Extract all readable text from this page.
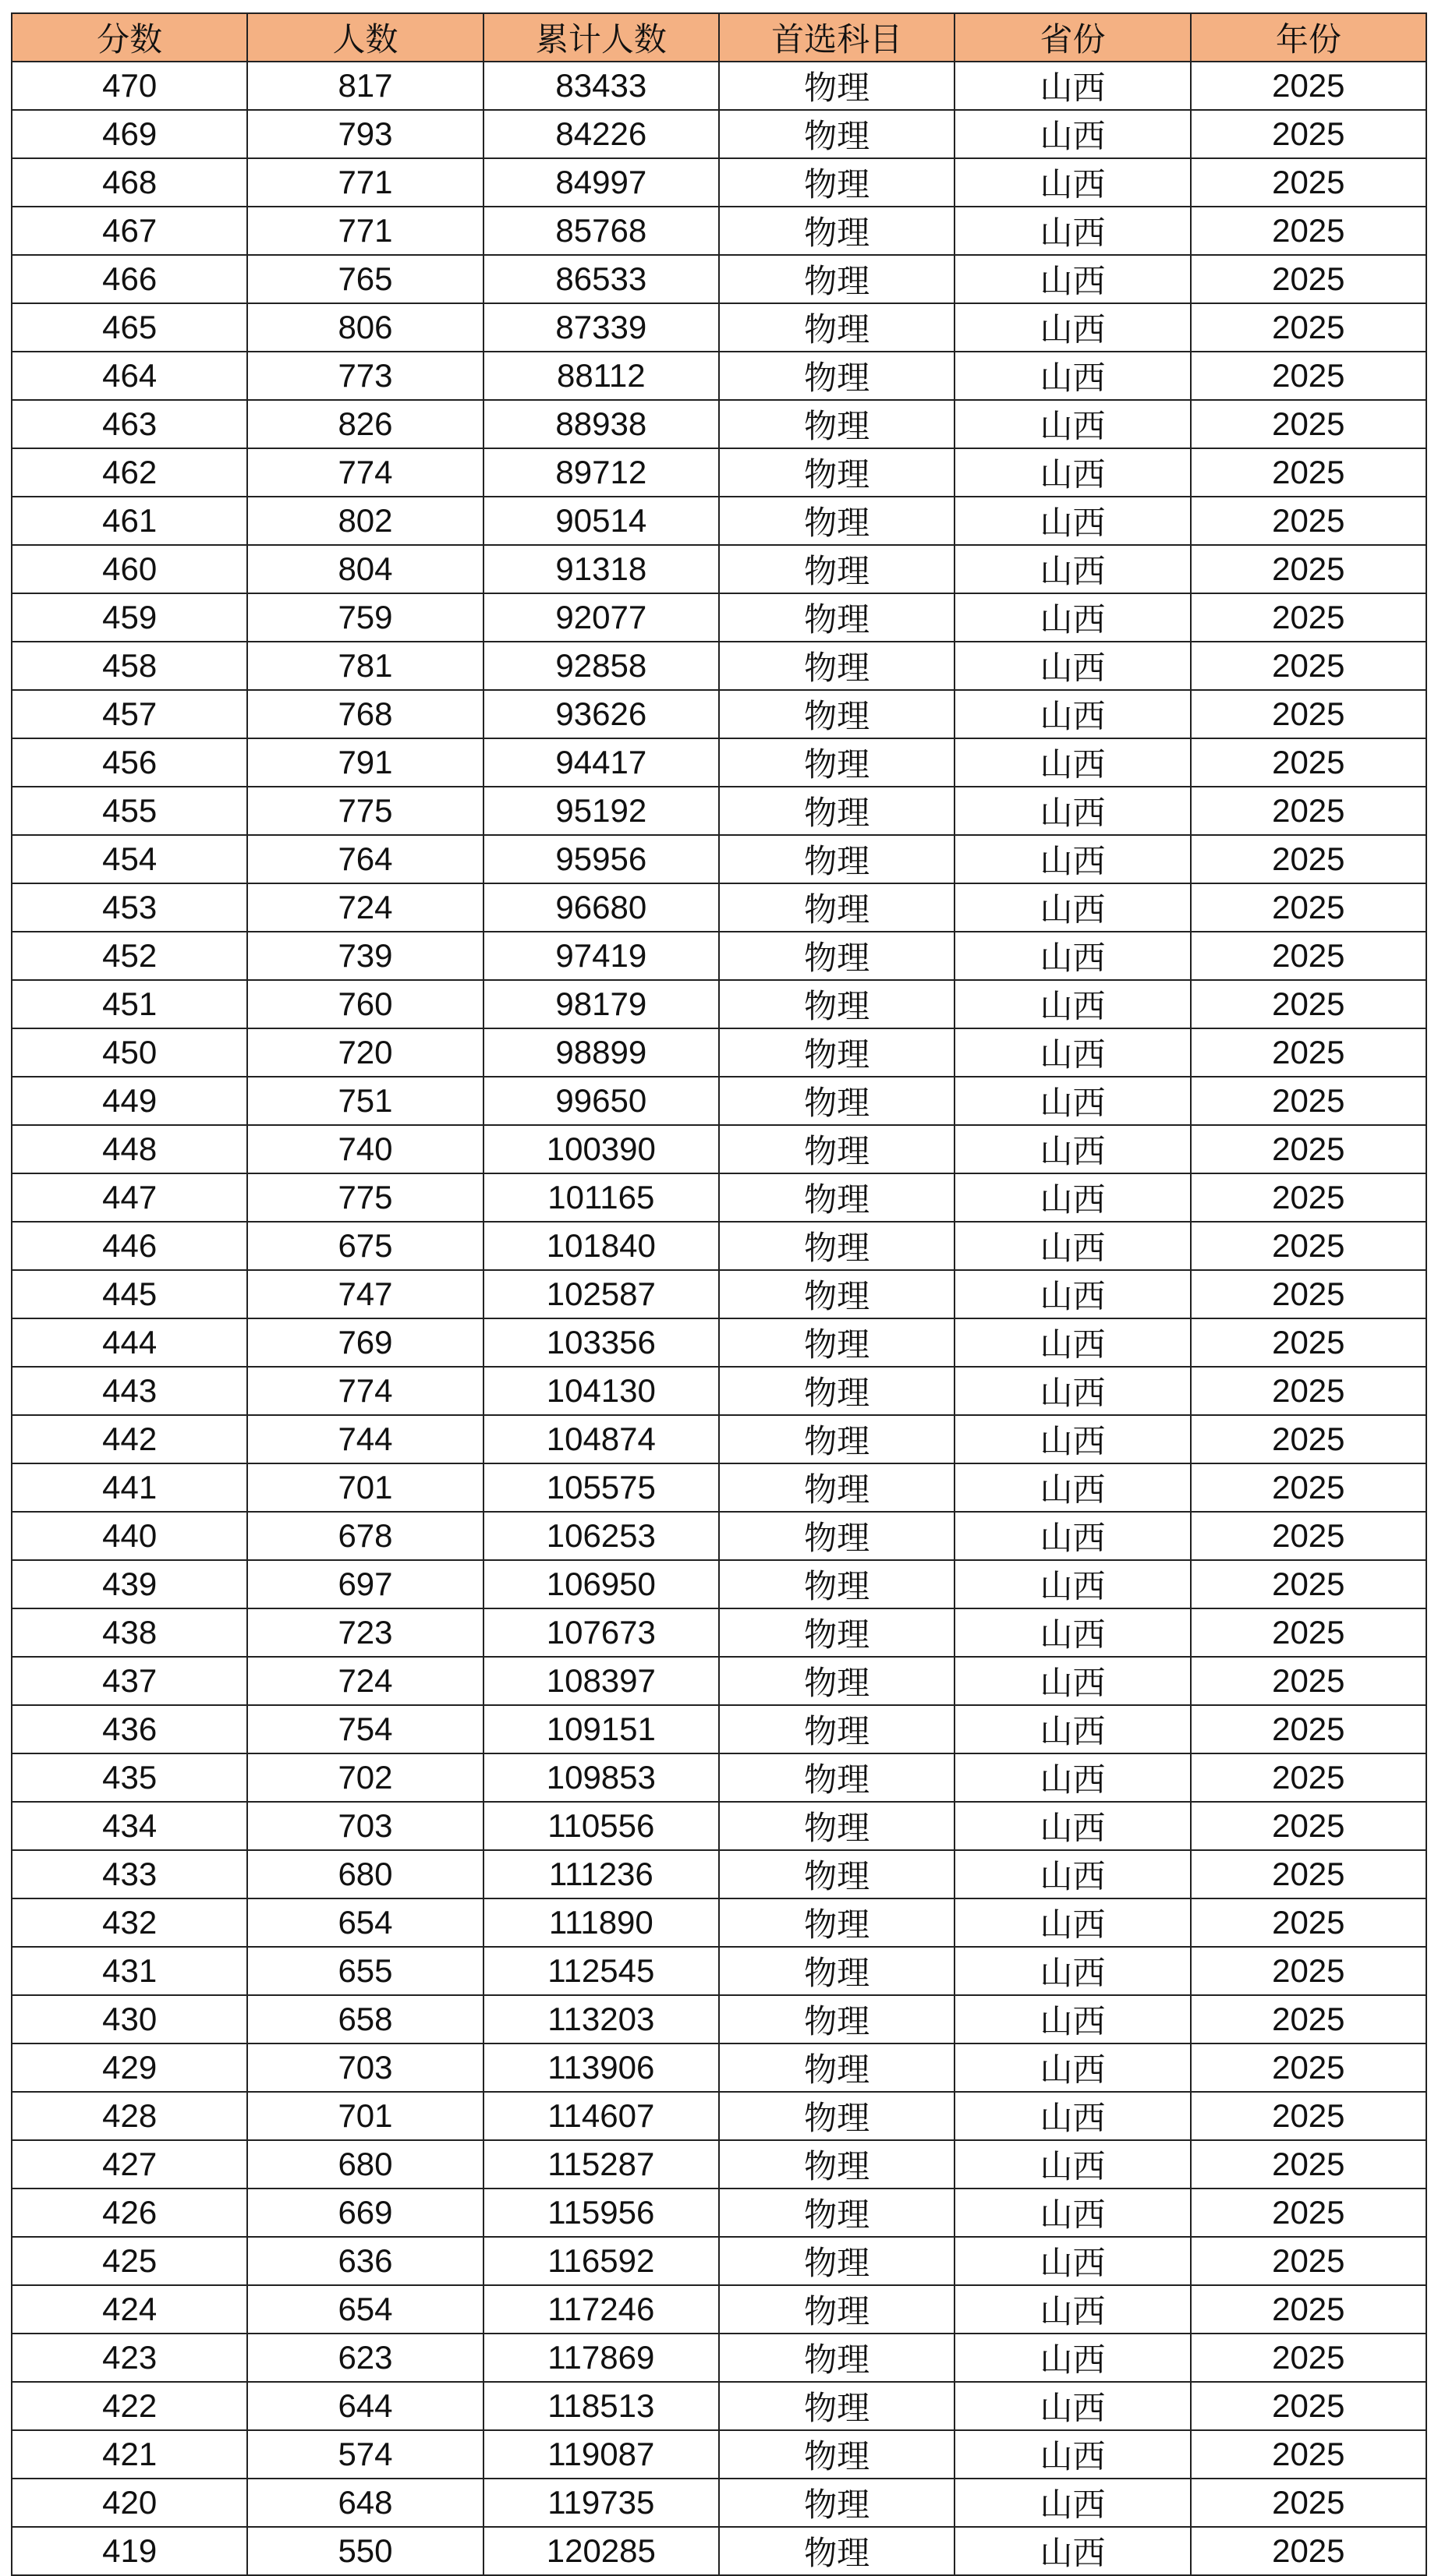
分数	人数	累计人数	首选科目	省份	年份
470	817	83433	物理	山西	2025
469	793	84226	物理	山西	2025
468	771	84997	物理	山西	2025
467	771	85768	物理	山西	2025
466	765	86533	物理	山西	2025
465	806	87339	物理	山西	2025
464	773	88112	物理	山西	2025
463	826	88938	物理	山西	2025
462	774	89712	物理	山西	2025
461	802	90514	物理	山西	2025
460	804	91318	物理	山西	2025
459	759	92077	物理	山西	2025
458	781	92858	物理	山西	2025
457	768	93626	物理	山西	2025
456	791	94417	物理	山西	2025
455	775	95192	物理	山西	2025
454	764	95956	物理	山西	2025
453	724	96680	物理	山西	2025
452	739	97419	物理	山西	2025
451	760	98179	物理	山西	2025
450	720	98899	物理	山西	2025
449	751	99650	物理	山西	2025
448	740	100390	物理	山西	2025
447	775	101165	物理	山西	2025
446	675	101840	物理	山西	2025
445	747	102587	物理	山西	2025
444	769	103356	物理	山西	2025
443	774	104130	物理	山西	2025
442	744	104874	物理	山西	2025
441	701	105575	物理	山西	2025
440	678	106253	物理	山西	2025
439	697	106950	物理	山西	2025
438	723	107673	物理	山西	2025
437	724	108397	物理	山西	2025
436	754	109151	物理	山西	2025
435	702	109853	物理	山西	2025
434	703	110556	物理	山西	2025
433	680	111236	物理	山西	2025
432	654	111890	物理	山西	2025
431	655	112545	物理	山西	2025
430	658	113203	物理	山西	2025
429	703	113906	物理	山西	2025
428	701	114607	物理	山西	2025
427	680	115287	物理	山西	2025
426	669	115956	物理	山西	2025
425	636	116592	物理	山西	2025
424	654	117246	物理	山西	2025
423	623	117869	物理	山西	2025
422	644	118513	物理	山西	2025
421	574	119087	物理	山西	2025
420	648	119735	物理	山西	2025
419	550	120285	物理	山西	2025
